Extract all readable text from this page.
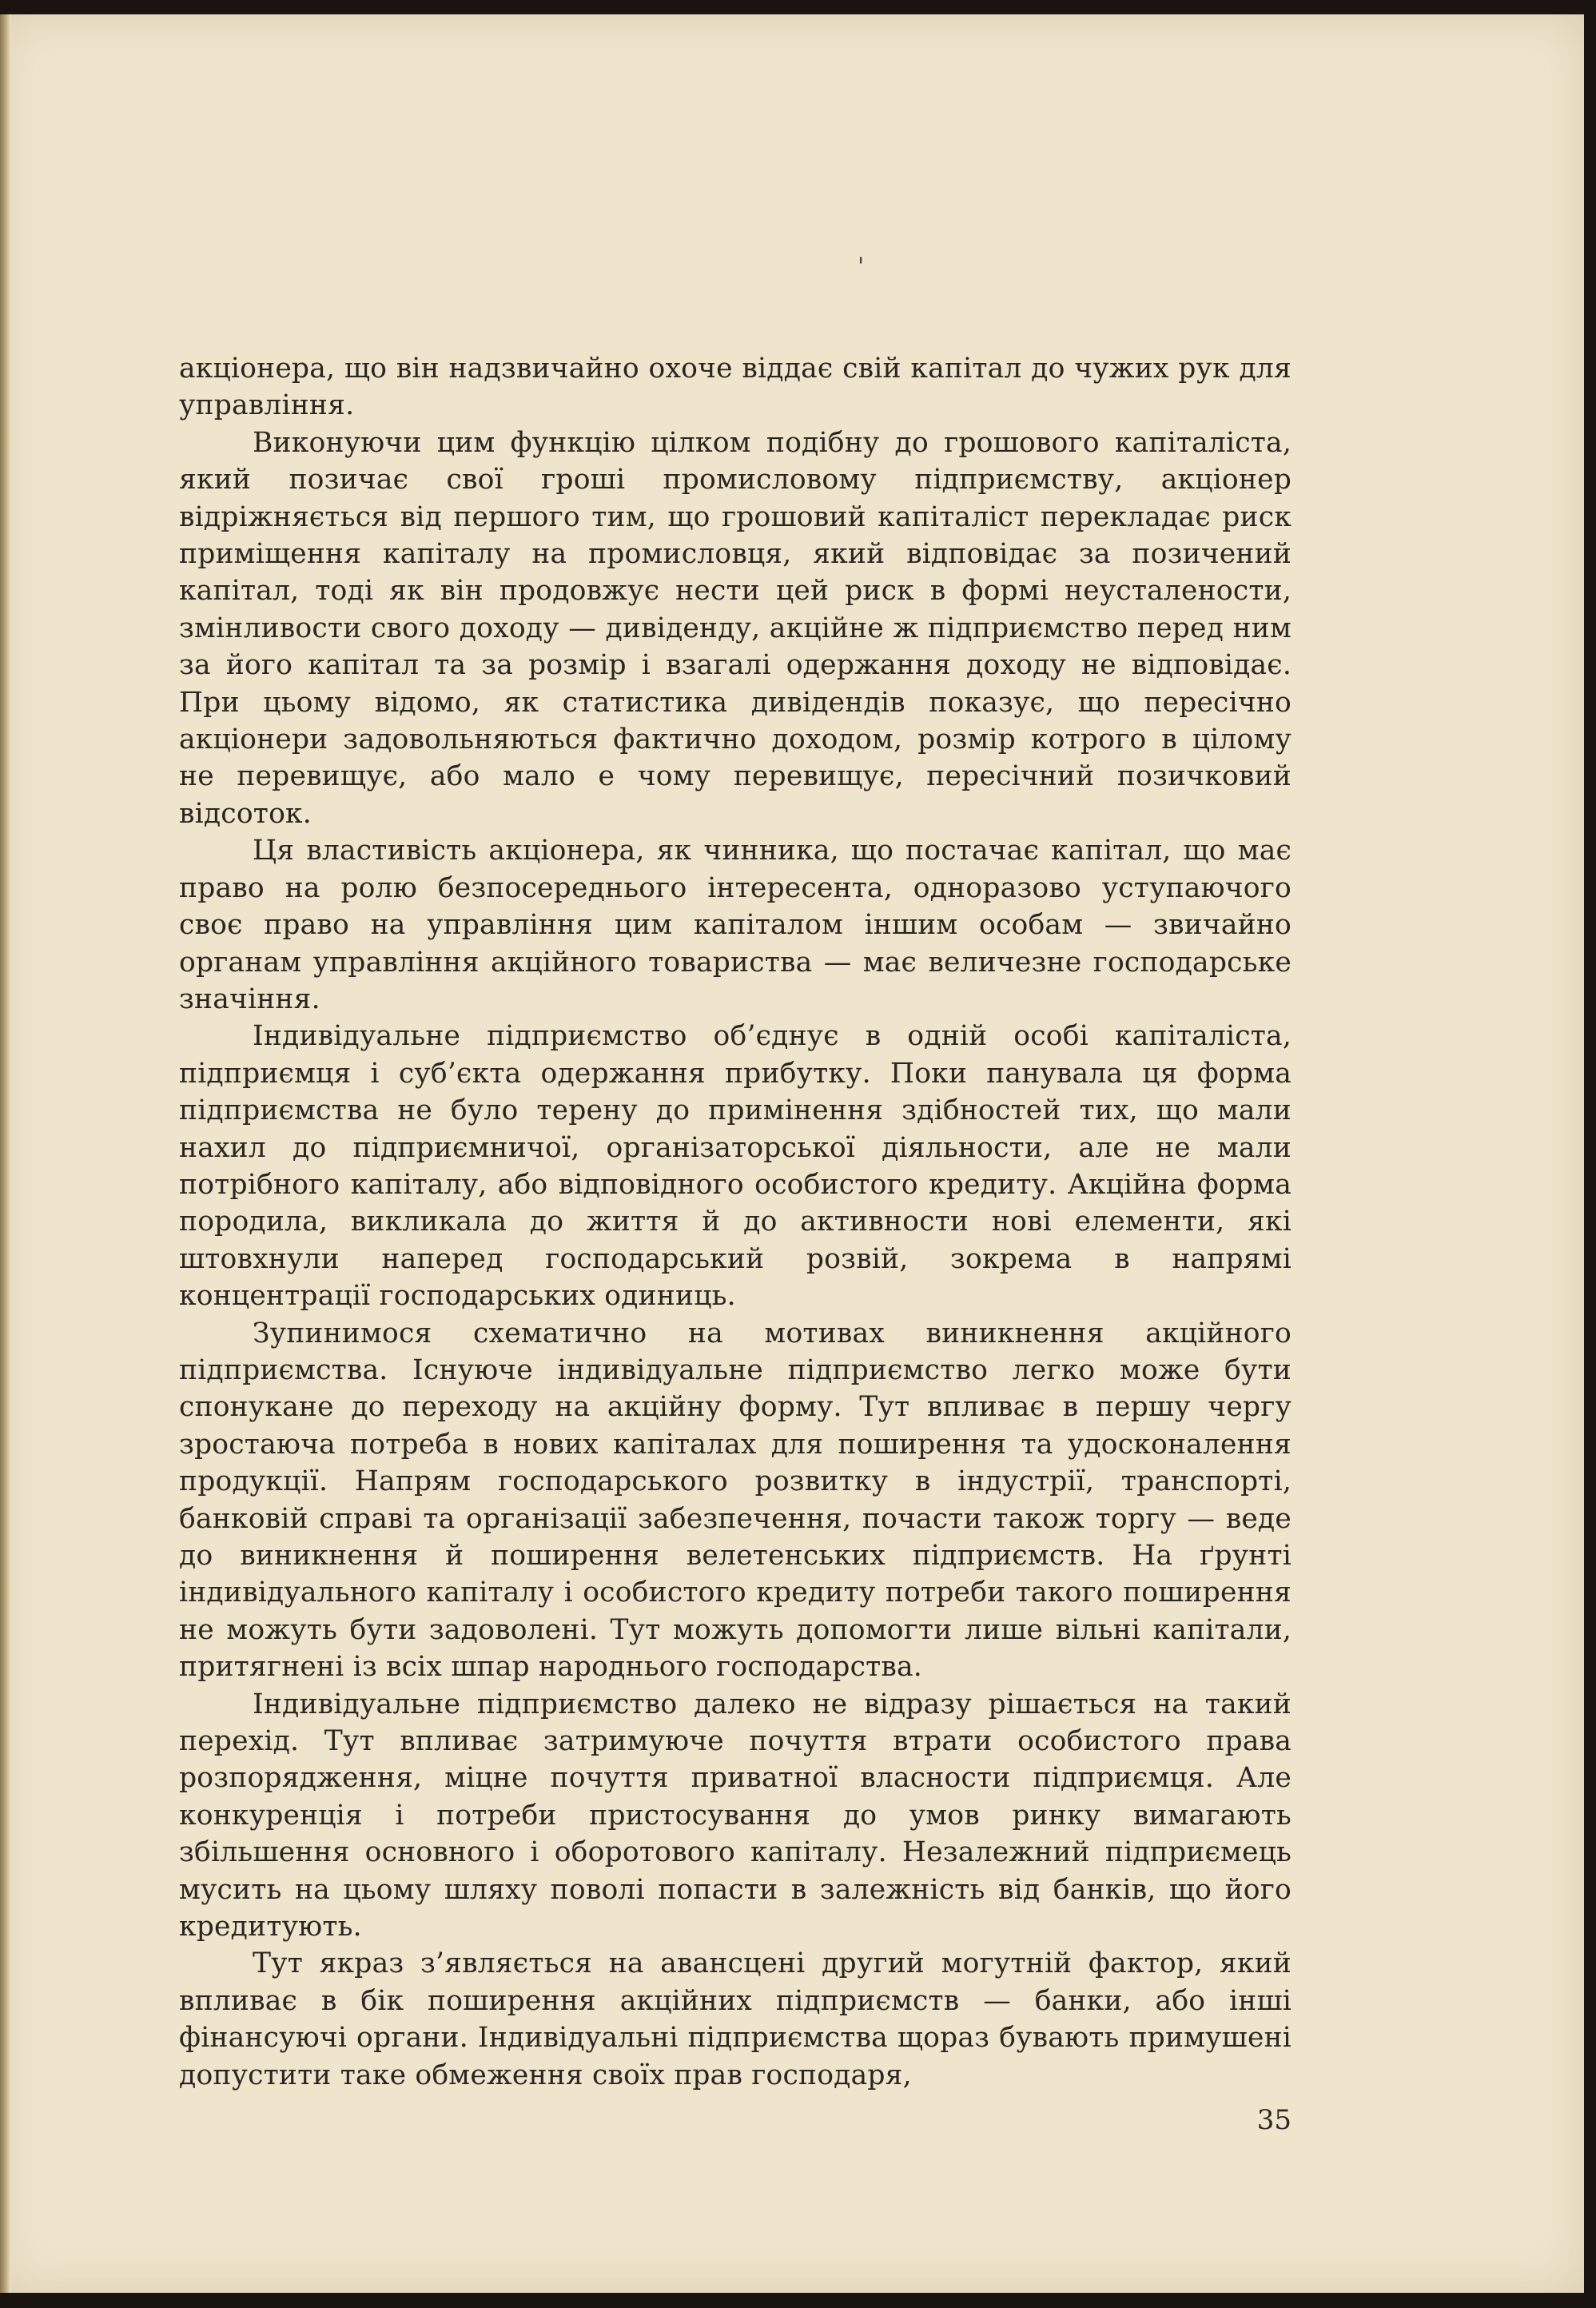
'

акціонера, що він надзвичайно охоче віддає свій капітал до чужих рук для управління.

Виконуючи цим функцію цілком подібну до грошового капіталіста, який позичає свої гроші промисловому підприємству, акціонер відріжняється від першого тим, що грошовий капіталіст перекладає риск приміщення капіталу на промисловця, який відповідає за позичений капітал, тоді як він продовжує нести цей риск в формі неусталености, змінливости свого доходу — дивіденду, акційне ж підприємство перед ним за його капітал та за розмір і взагалі одержання доходу не відповідає. При цьому відомо, як статистика дивідендів показує, що пересічно акціонери задовольняються фактично доходом, розмір котрого в цілому не перевищує, або мало е чому перевищує, пересічний позичковий відсоток.

Ця властивість акціонера, як чинника, що постачає капітал, що має право на ролю безпосереднього інтересента, одноразово уступаючого своє право на управління цим капіталом іншим особам — звичайно органам управління акційного товариства — має величезне господарське значіння.

Індивідуальне підприємство об’єднує в одній особі капіталіста, підприємця і суб’єкта одержання прибутку. Поки панувала ця форма підприємства не було терену до примінення здібностей тих, що мали нахил до підприємничої, організаторської діяльности, але не мали потрібного капіталу, або відповідного особистого кредиту. Акційна форма породила, викликала до життя й до активности нові елементи, які штовхнули наперед господарський розвій, зокрема в напрямі концентрації господарських одиниць.

Зупинимося схематично на мотивах виникнення акційного підприємства. Існуюче індивідуальне підприємство легко може бути спонукане до переходу на акційну форму. Тут впливає в першу чергу зростаюча потреба в нових капіталах для поширення та удосконалення продукції. Напрям господарського розвитку в індустрії, транспорті, банковій справі та організації забезпечення, почасти також торгу — веде до виникнення й поширення велетенських підприємств. На ґрунті індивідуального капіталу і особистого кредиту потреби такого поширення не можуть бути задоволені. Тут можуть допомогти лише вільні капітали, притягнені із всіх шпар народнього господарства.

Індивідуальне підприємство далеко не відразу рішається на такий перехід. Тут впливає затримуюче почуття втрати особистого права розпорядження, міцне почуття приватної власности підприємця. Але конкуренція і потреби пристосування до умов ринку вимагають збільшення основного і оборотового капіталу. Незалежний підприємець мусить на цьому шляху поволі попасти в залежність від банків, що його кредитують.

Тут якраз з’являється на авансцені другий могутній фактор, який впливає в бік поширення акційних підприємств — банки, або інші фінансуючі органи. Індивідуальні підприємства щораз бувають примушені допустити таке обмеження своїх прав господаря,

35
